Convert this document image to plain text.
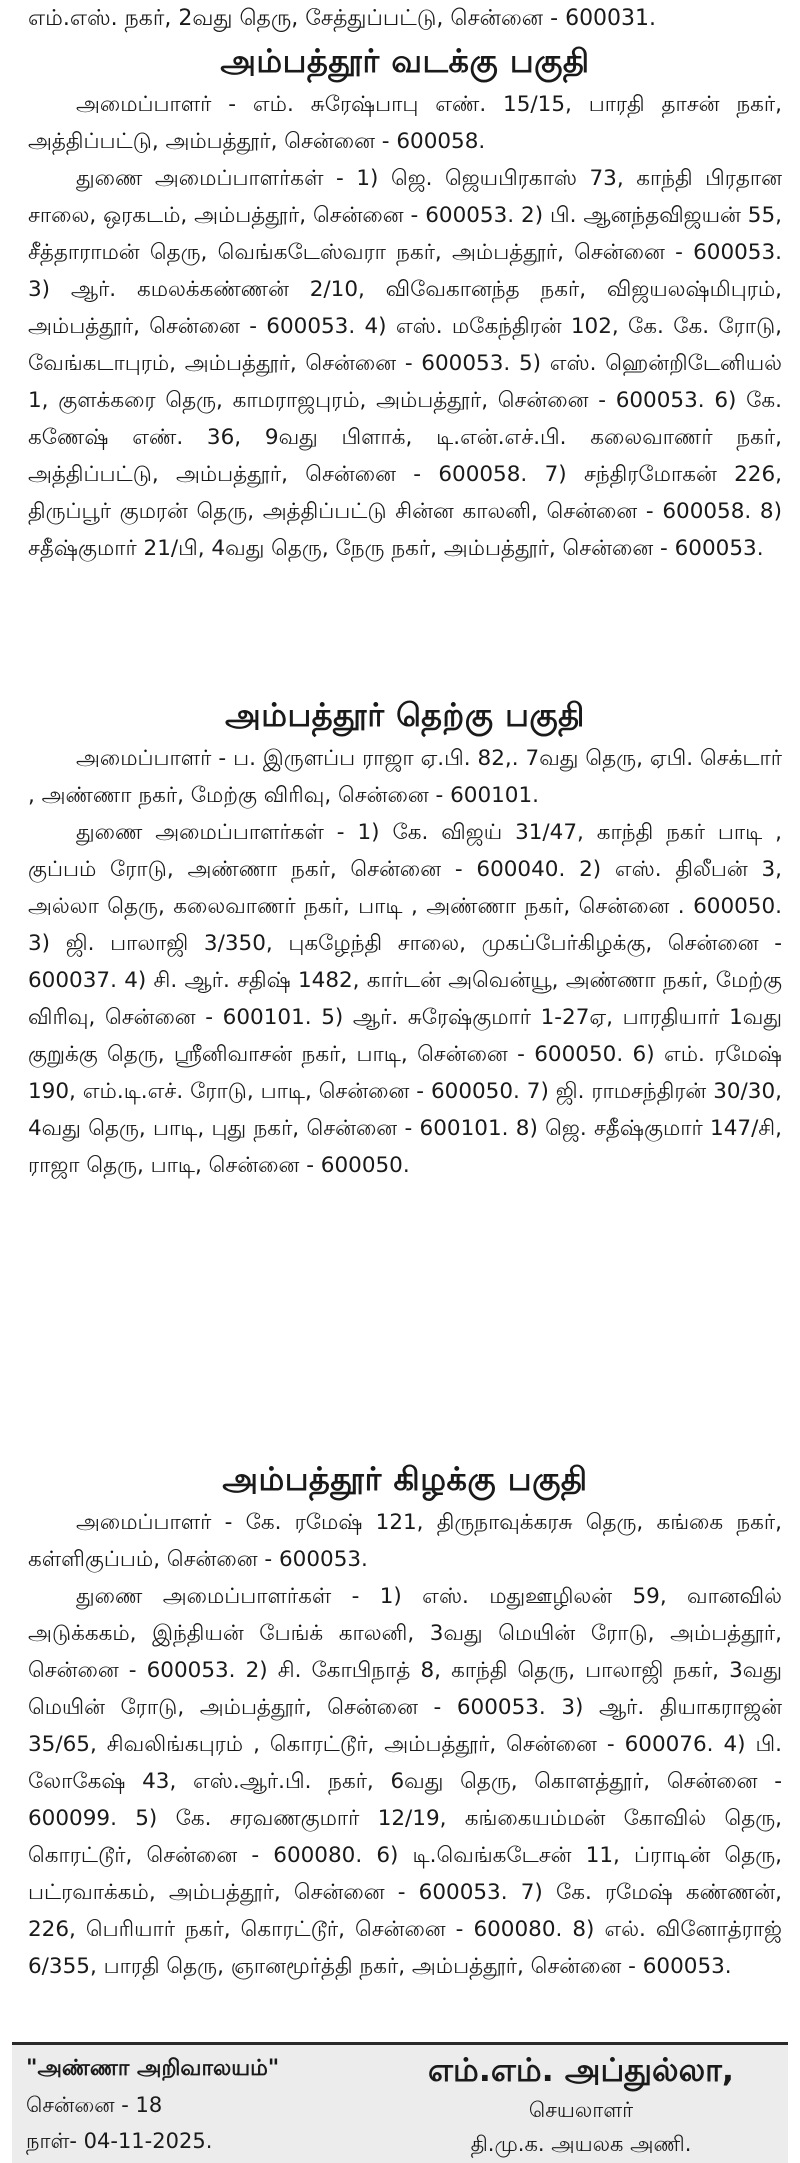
எம்.எஸ். நகர், 2வது தெரு, சேத்துப்பட்டு, சென்னை - 600031.
அம்பத்தூர் வடக்கு பகுதி

அமைப்பாளர் - எம். சுரேஷ்பாபு எண். 15/15, பாரதி தாசன் நகர், அத்திப்பட்டு, அம்பத்தூர், சென்னை - 600058.

துணை அமைப்பாளர்கள் - 1) ஜெ. ஜெயபிரகாஸ் 73, காந்தி பிரதான சாலை, ஒரகடம், அம்பத்தூர், சென்னை - 600053. 2) பி. ஆனந்தவிஜயன் 55, சீத்தாராமன் தெரு, வெங்கடேஸ்வரா நகர், அம்பத்தூர், சென்னை - 600053. 3) ஆர். கமலக்கண்ணன் 2/10, விவேகானந்த நகர், விஜயலஷ்மிபுரம், அம்பத்தூர், சென்னை - 600053. 4) எஸ். மகேந்திரன் 102, கே. கே. ரோடு, வேங்கடாபுரம், அம்பத்தூர், சென்னை - 600053. 5) எஸ். ஹென்றிடேனியல் 1, குளக்கரை தெரு, காமராஜபுரம், அம்பத்தூர், சென்னை - 600053. 6) கே. கணேஷ் எண். 36, 9வது பிளாக், டி.என்.எச்.பி. கலைவாணர் நகர், அத்திப்பட்டு, அம்பத்தூர், சென்னை - 600058. 7) சந்திரமோகன் 226, திருப்பூர் குமரன் தெரு, அத்திப்பட்டு சின்ன காலனி, சென்னை - 600058. 8) சதீஷ்குமார் 21/பி, 4வது தெரு, நேரு நகர், அம்பத்தூர், சென்னை - 600053.

அம்பத்தூர் தெற்கு பகுதி

அமைப்பாளர் - ப. இருளப்ப ராஜா ஏ.பி. 82,. 7வது தெரு, ஏபி. செக்டார் , அண்ணா நகர், மேற்கு விரிவு, சென்னை - 600101.

துணை அமைப்பாளர்கள் - 1) கே. விஜய் 31/47, காந்தி நகர் பாடி , குப்பம் ரோடு, அண்ணா நகர், சென்னை - 600040. 2) எஸ். திலீபன் 3, அல்லா தெரு, கலைவாணர் நகர், பாடி , அண்ணா நகர், சென்னை . 600050. 3) ஜி. பாலாஜி 3/350, புகழேந்தி சாலை, முகப்பேர்கிழக்கு, சென்னை - 600037. 4) சி. ஆர். சதிஷ் 1482, கார்டன் அவென்யூ, அண்ணா நகர், மேற்கு விரிவு, சென்னை - 600101. 5) ஆர். சுரேஷ்குமார் 1-27ஏ, பாரதியார் 1வது குறுக்கு தெரு, ஸ்ரீனிவாசன் நகர், பாடி, சென்னை - 600050. 6) எம். ரமேஷ் 190, எம்.டி.எச். ரோடு, பாடி, சென்னை - 600050. 7) ஜி. ராமசந்திரன் 30/30, 4வது தெரு, பாடி, புது நகர், சென்னை - 600101. 8) ஜெ. சதீஷ்குமார் 147/சி, ராஜா தெரு, பாடி, சென்னை - 600050.

அம்பத்தூர் கிழக்கு பகுதி

அமைப்பாளர் - கே. ரமேஷ் 121, திருநாவுக்கரசு தெரு, கங்கை நகர், கள்ளிகுப்பம், சென்னை - 600053.

துணை அமைப்பாளர்கள் - 1) எஸ். மதுஊழிலன் 59, வானவில் அடுக்ககம், இந்தியன் பேங்க் காலனி, 3வது மெயின் ரோடு, அம்பத்தூர், சென்னை - 600053. 2) சி. கோபிநாத் 8, காந்தி தெரு, பாலாஜி நகர், 3வது மெயின் ரோடு, அம்பத்தூர், சென்னை - 600053. 3) ஆர். தியாகராஜன் 35/65, சிவலிங்கபுரம் , கொரட்டூர், அம்பத்தூர், சென்னை - 600076. 4) பி. லோகேஷ் 43, எஸ்.ஆர்.பி. நகர், 6வது தெரு, கொளத்தூர், சென்னை - 600099. 5) கே. சரவணகுமார் 12/19, கங்கையம்மன் கோவில் தெரு, கொரட்டூர், சென்னை - 600080. 6) டி.வெங்கடேசன் 11, ப்ராடின் தெரு, பட்ரவாக்கம், அம்பத்தூர், சென்னை - 600053. 7) கே. ரமேஷ் கண்ணன், 226, பெரியார் நகர், கொரட்டூர், சென்னை - 600080. 8) எல். வினோத்ராஜ் 6/355, பாரதி தெரு, ஞானமூர்த்தி நகர், அம்பத்தூர், சென்னை - 600053.

"அண்ணா அறிவாலயம்"
சென்னை - 18
நாள்- 04-11-2025.
எம்.எம். அப்துல்லா,
செயலாளர்
தி.மு.க. அயலக அணி.
